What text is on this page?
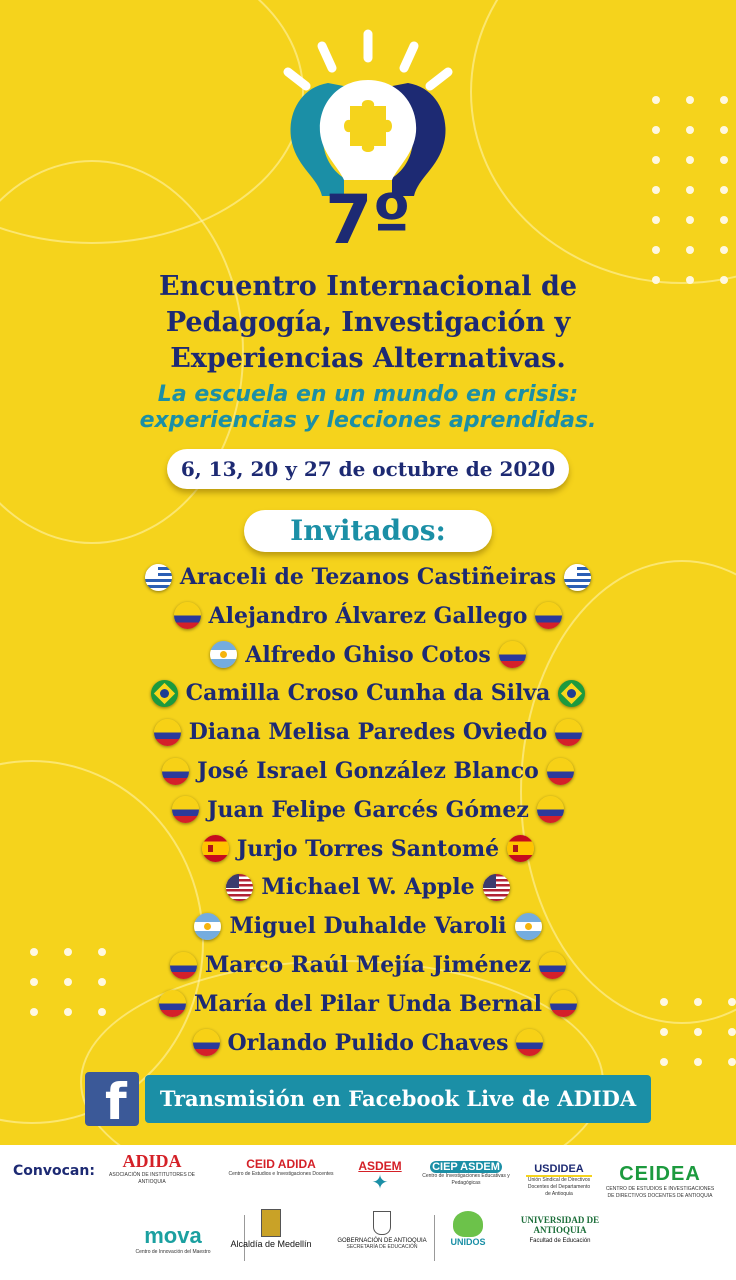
7º
Encuentro Internacional de
Pedagogía, Investigación y
Experiencias Alternativas.
La escuela en un mundo en crisis:
experiencias y lecciones aprendidas.
6, 13, 20 y 27 de octubre de 2020
Invitados:
Araceli de Tezanos Castiñeiras
Alejandro Álvarez Gallego
Alfredo Ghiso Cotos
Camilla Croso Cunha da Silva
Diana Melisa Paredes Oviedo
José Israel González Blanco
Juan Felipe Garcés Gómez
Jurjo Torres Santomé
Michael W. Apple
Miguel Duhalde Varoli
Marco Raúl Mejía Jiménez
María del Pilar Unda Bernal
Orlando Pulido Chaves
f	Transmisión en Facebook Live de ADIDA
Convocan:	ADIDA
ASOCIACIÓN DE INSTITUTORES DE ANTIOQUIA
CEID ADIDA
Centro de Estudios e Investigaciones Docentes
ASDEM
✦
CIEP ASDEM
Centro de Investigaciones Educativas y Pedagógicas
USDIDEA
Unión Sindical de Directivos Docentes del Departamento de Antioquia
CEIDEA
CENTRO DE ESTUDIOS E INVESTIGACIONES DE DIRECTIVOS DOCENTES DE ANTIOQUIA
mova
Centro de Innovación del Maestro
Alcaldía de Medellín	GOBERNACIÓN DE ANTIOQUIA
SECRETARÍA DE EDUCACIÓN	UNIDOS
UNIVERSIDAD DE ANTIOQUIA
Facultad de Educación
